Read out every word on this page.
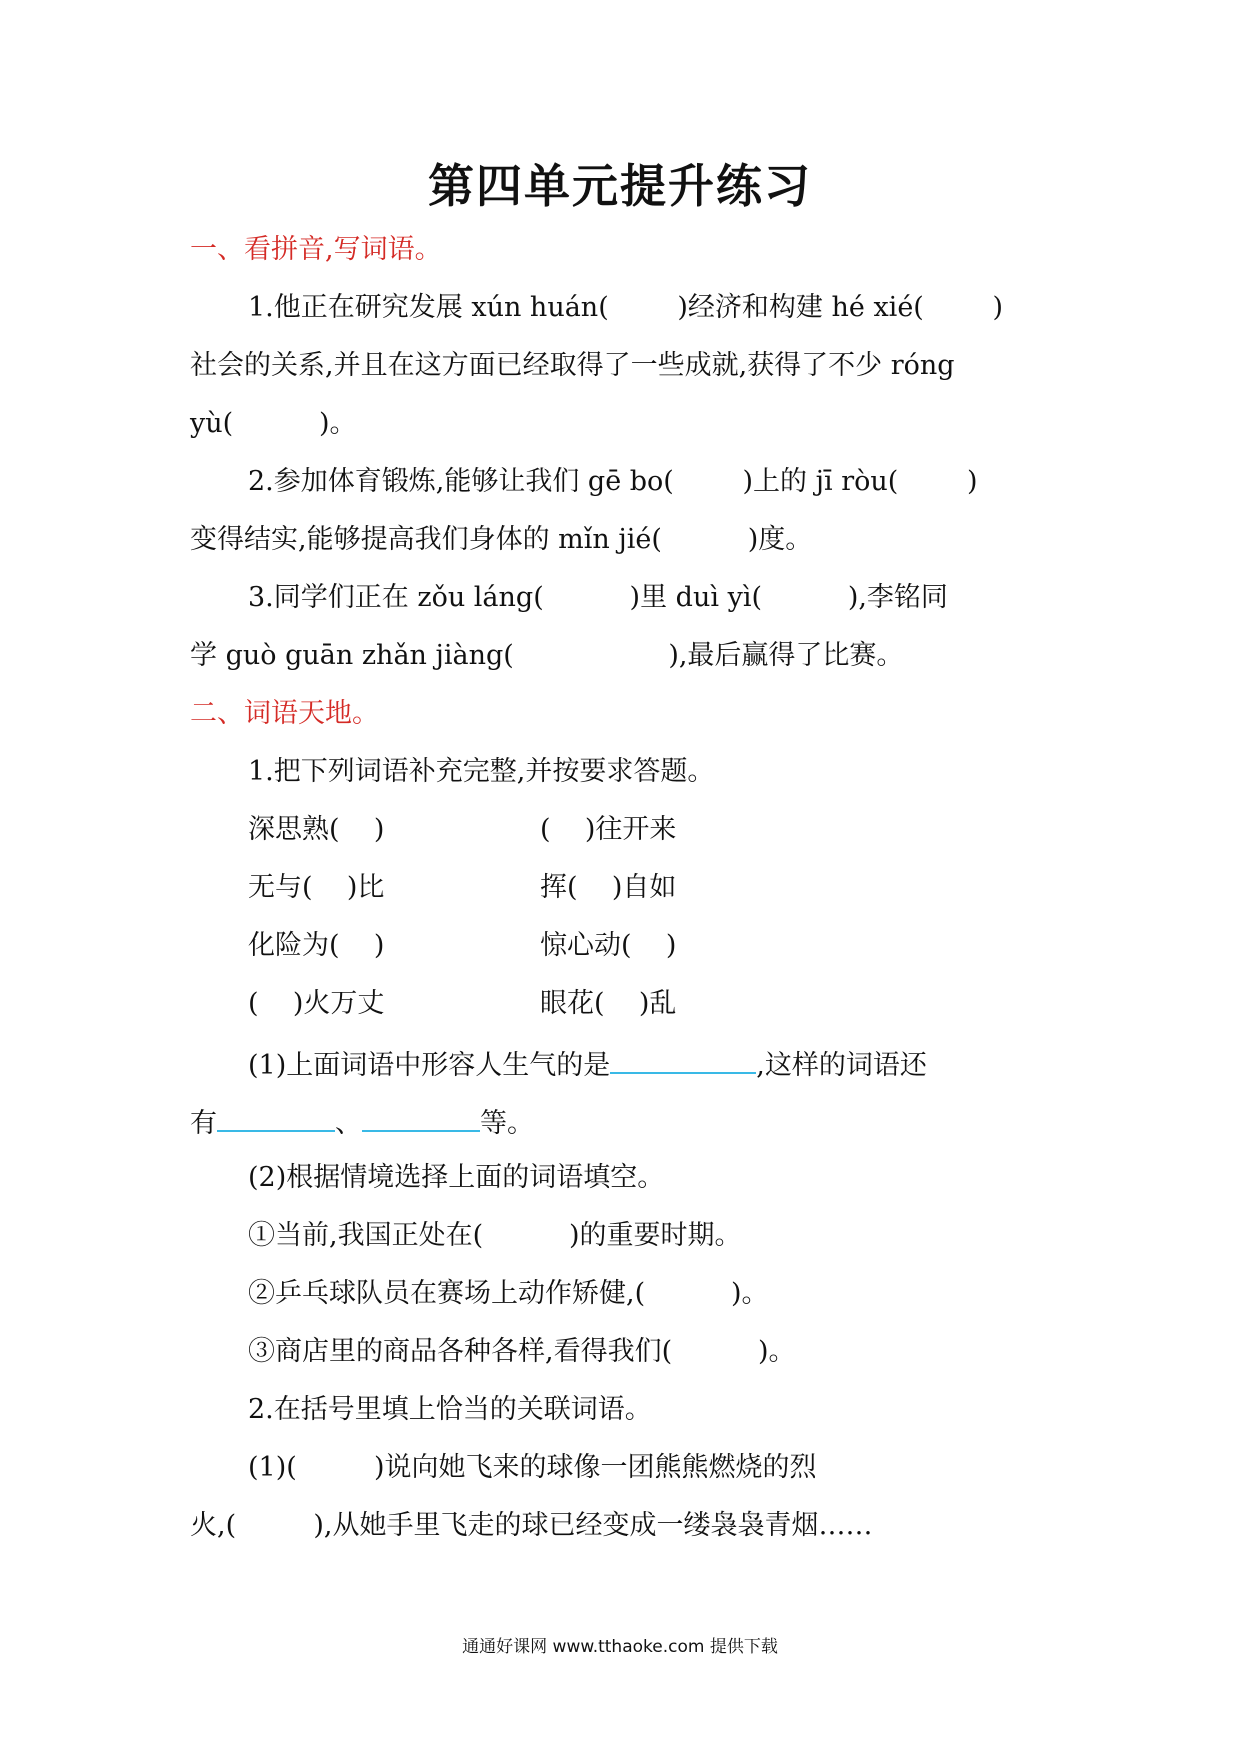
第四单元提升练习
一、看拼音,写词语。
1.他正在研究发展 xún huán(        )经济和构建 hé xié(        )
社会的关系,并且在这方面已经取得了一些成就,获得了不少 róng
yù(          )。
2.参加体育锻炼,能够让我们 gē bo(        )上的 jī ròu(        )
变得结实,能够提高我们身体的 mǐn jié(          )度。
3.同学们正在 zǒu láng(          )里 duì yì(          ),李铭同
学 guò guān zhǎn jiàng(                  ),最后赢得了比赛。
二、词语天地。
1.把下列词语补充完整,并按要求答题。
深思熟(    )	(    )往开来
无与(    )比	挥(    )自如
化险为(    )	惊心动(    )
(    )火万丈	眼花(    )乱
(1)上面词语中形容人生气的是	,这样的词语还
有	、	等。
(2)根据情境选择上面的词语填空。
①当前,我国正处在(          )的重要时期。
②乒乓球队员在赛场上动作矫健,(          )。
③商店里的商品各种各样,看得我们(          )。
2.在括号里填上恰当的关联词语。
(1)(         )说向她飞来的球像一团熊熊燃烧的烈
火,(         ),从她手里飞走的球已经变成一缕袅袅青烟……
通通好课网 www.tthaoke.com 提供下载
